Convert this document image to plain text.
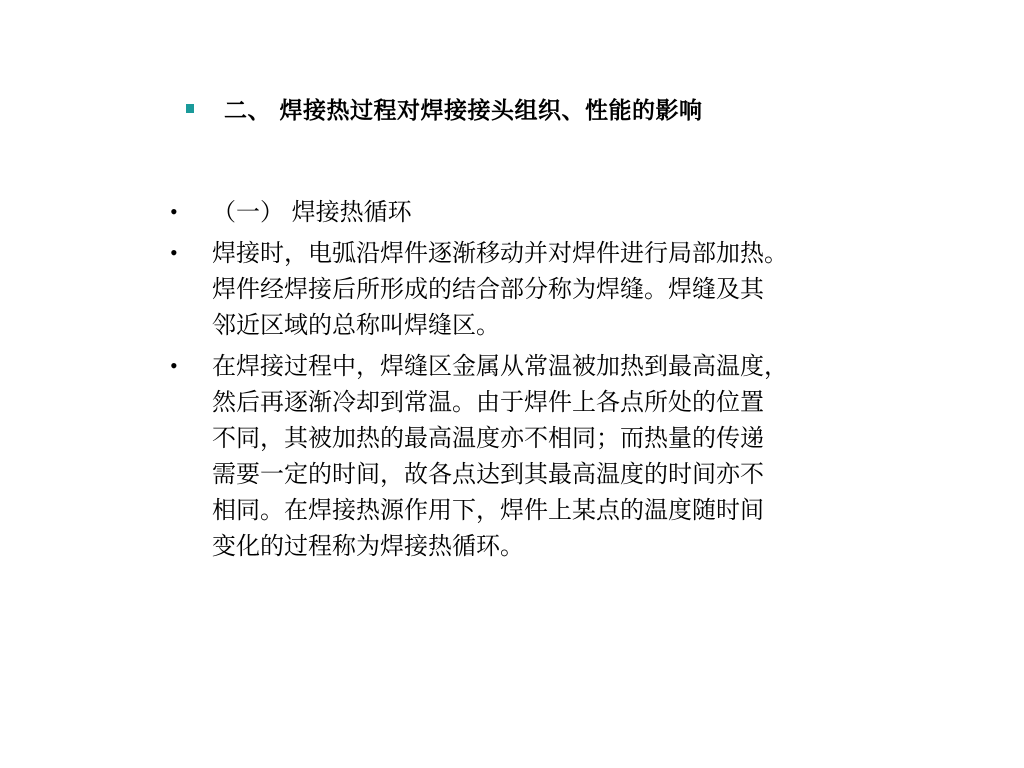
二、 焊接热过程对焊接接头组织、性能的影响
•	（一） 焊接热循环
•	焊接时，电弧沿焊件逐渐移动并对焊件进行局部加热。
焊件经焊接后所形成的结合部分称为焊缝。焊缝及其
邻近区域的总称叫焊缝区。
•	在焊接过程中，焊缝区金属从常温被加热到最高温度，
然后再逐渐冷却到常温。由于焊件上各点所处的位置
不同，其被加热的最高温度亦不相同；而热量的传递
需要一定的时间，故各点达到其最高温度的时间亦不
相同。在焊接热源作用下，焊件上某点的温度随时间
变化的过程称为焊接热循环。
